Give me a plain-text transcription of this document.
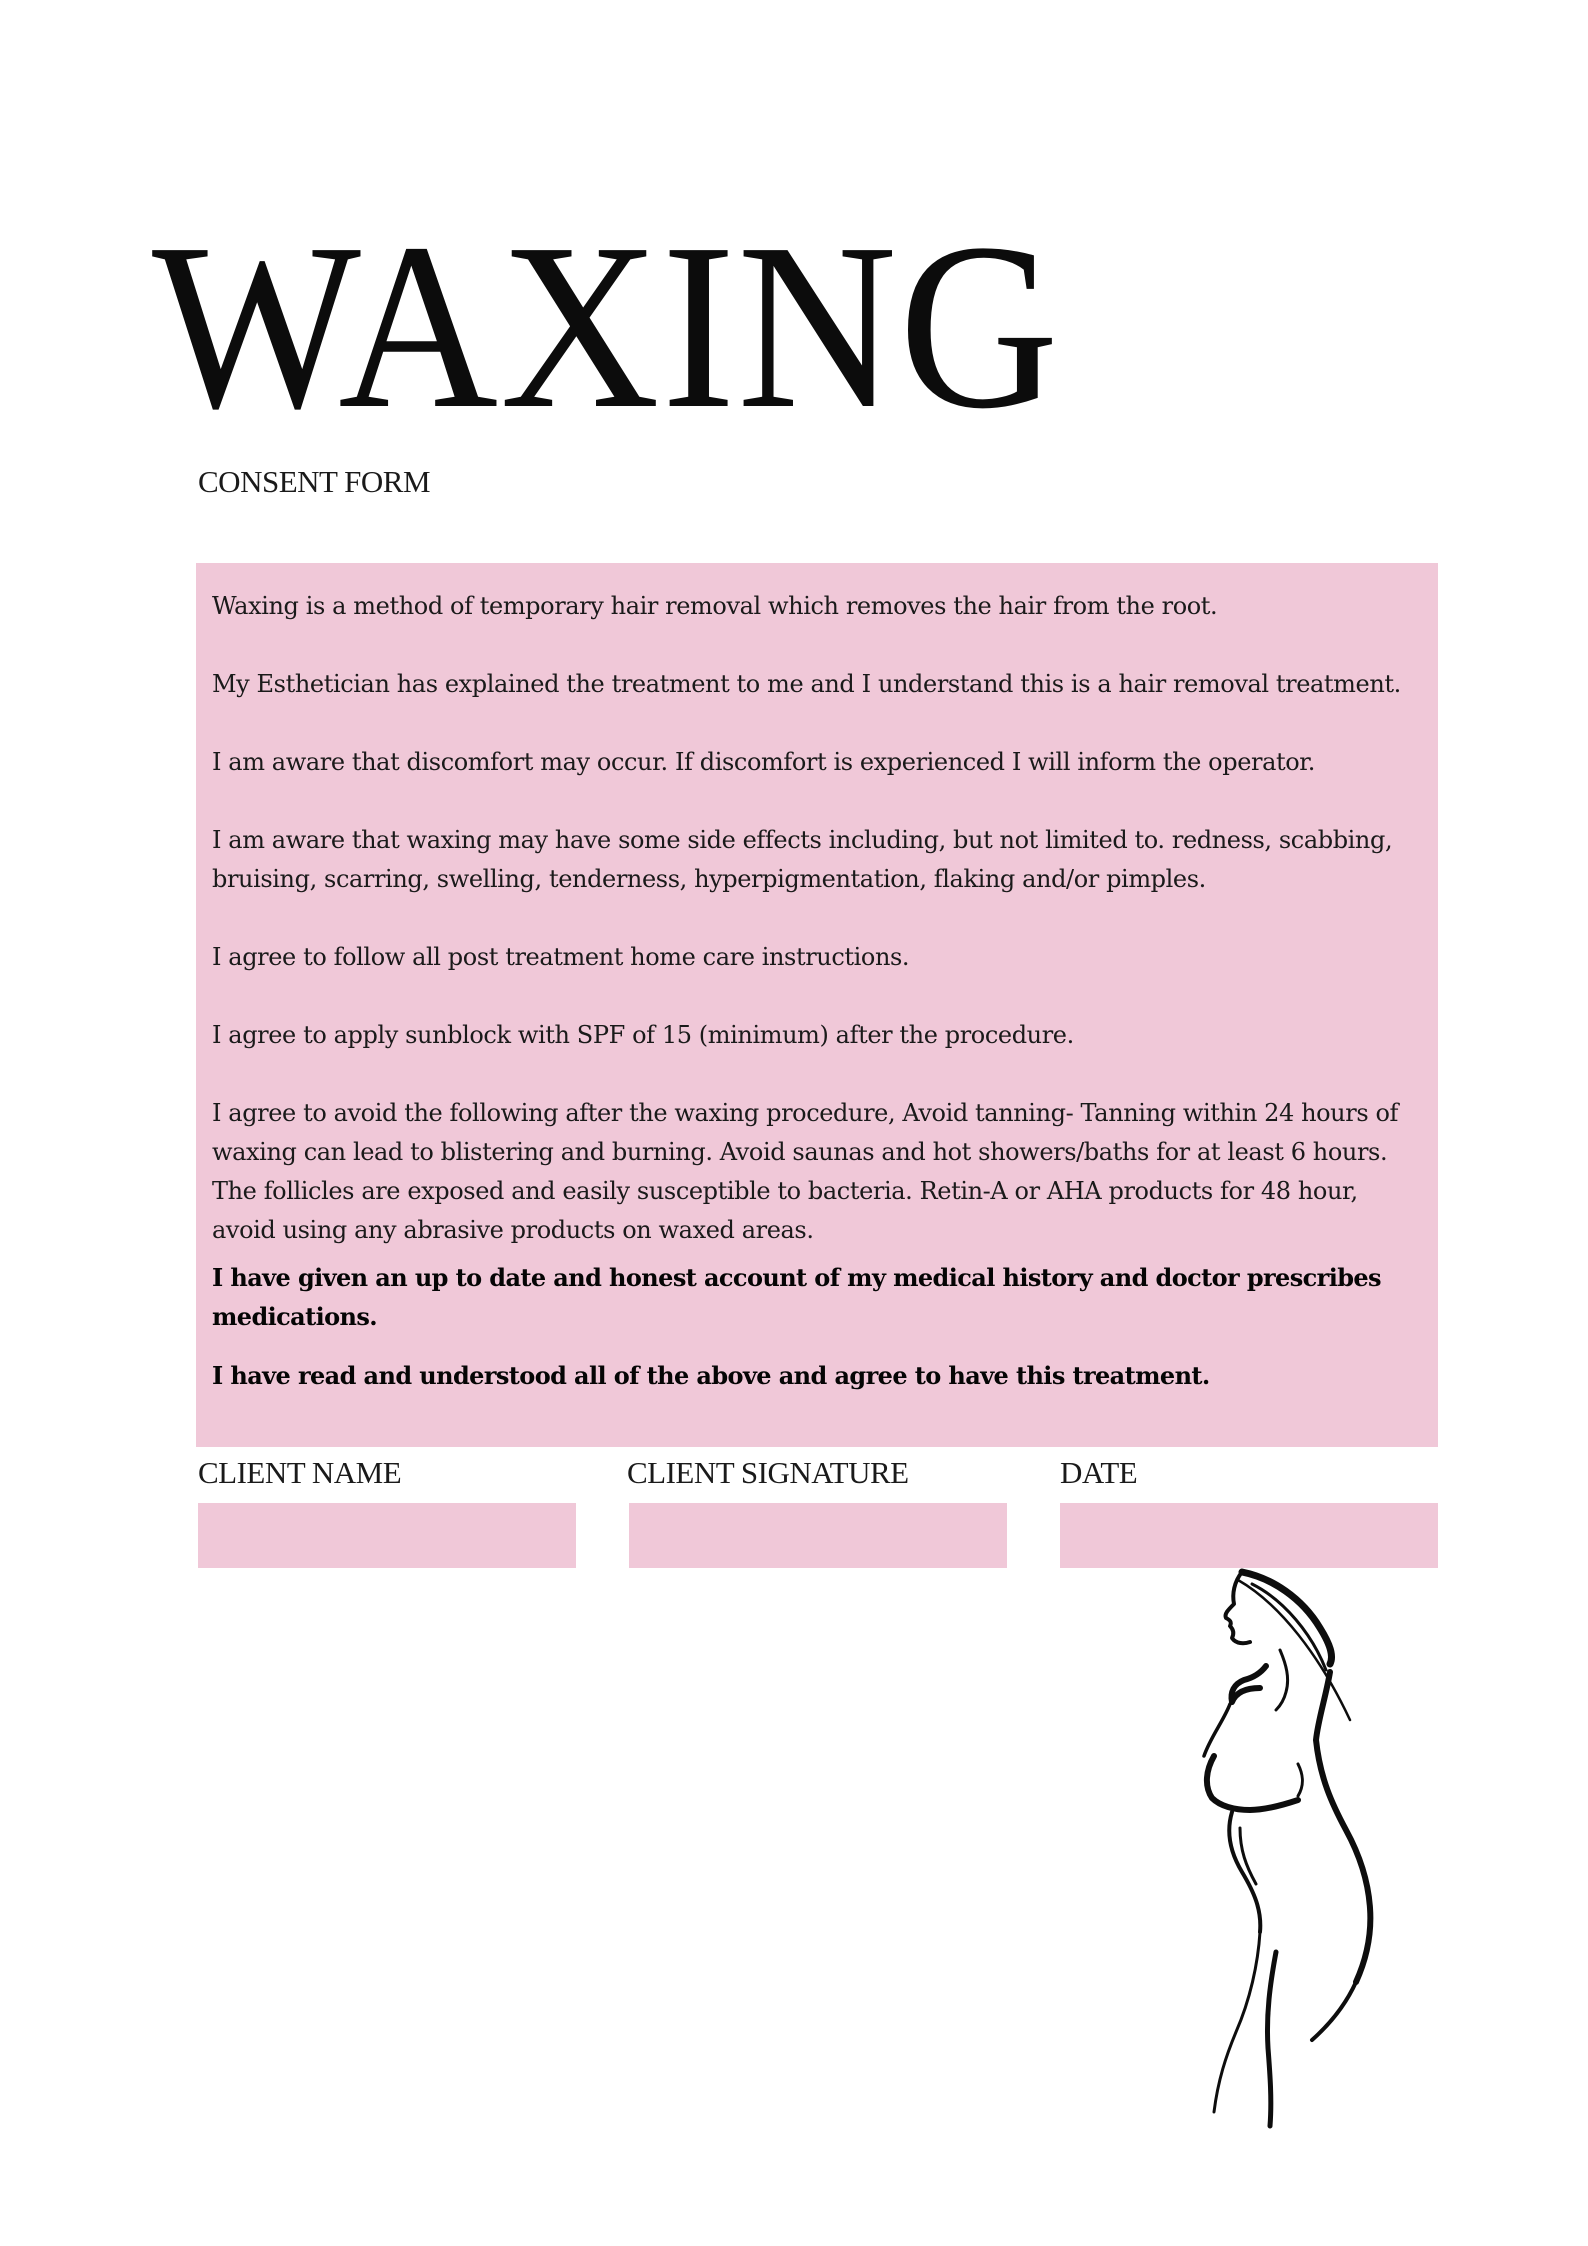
WAXING
CONSENT FORM

Waxing is a method of temporary hair removal which removes the hair from the root.

My Esthetician has explained the treatment to me and I understand this is a hair removal treatment.

I am aware that discomfort may occur. If discomfort is experienced I will inform the operator.

I am aware that waxing may have some side effects including, but not limited to. redness, scabbing, bruising, scarring, swelling, tenderness, hyperpigmentation, flaking and/or pimples.

I agree to follow all post treatment home care instructions.

I agree to apply sunblock with SPF of 15 (minimum) after the procedure.

I agree to avoid the following after the waxing procedure, Avoid tanning- Tanning within 24 hours of waxing can lead to blistering and burning. Avoid saunas and hot showers/baths for at least 6 hours. The follicles are exposed and easily susceptible to bacteria. Retin-A or AHA products for 48 hour, avoid using any abrasive products on waxed areas.

I have given an up to date and honest account of my medical history and doctor prescribes medications.

I have read and understood all of the above and agree to have this treatment.

CLIENT NAME	CLIENT SIGNATURE	DATE
